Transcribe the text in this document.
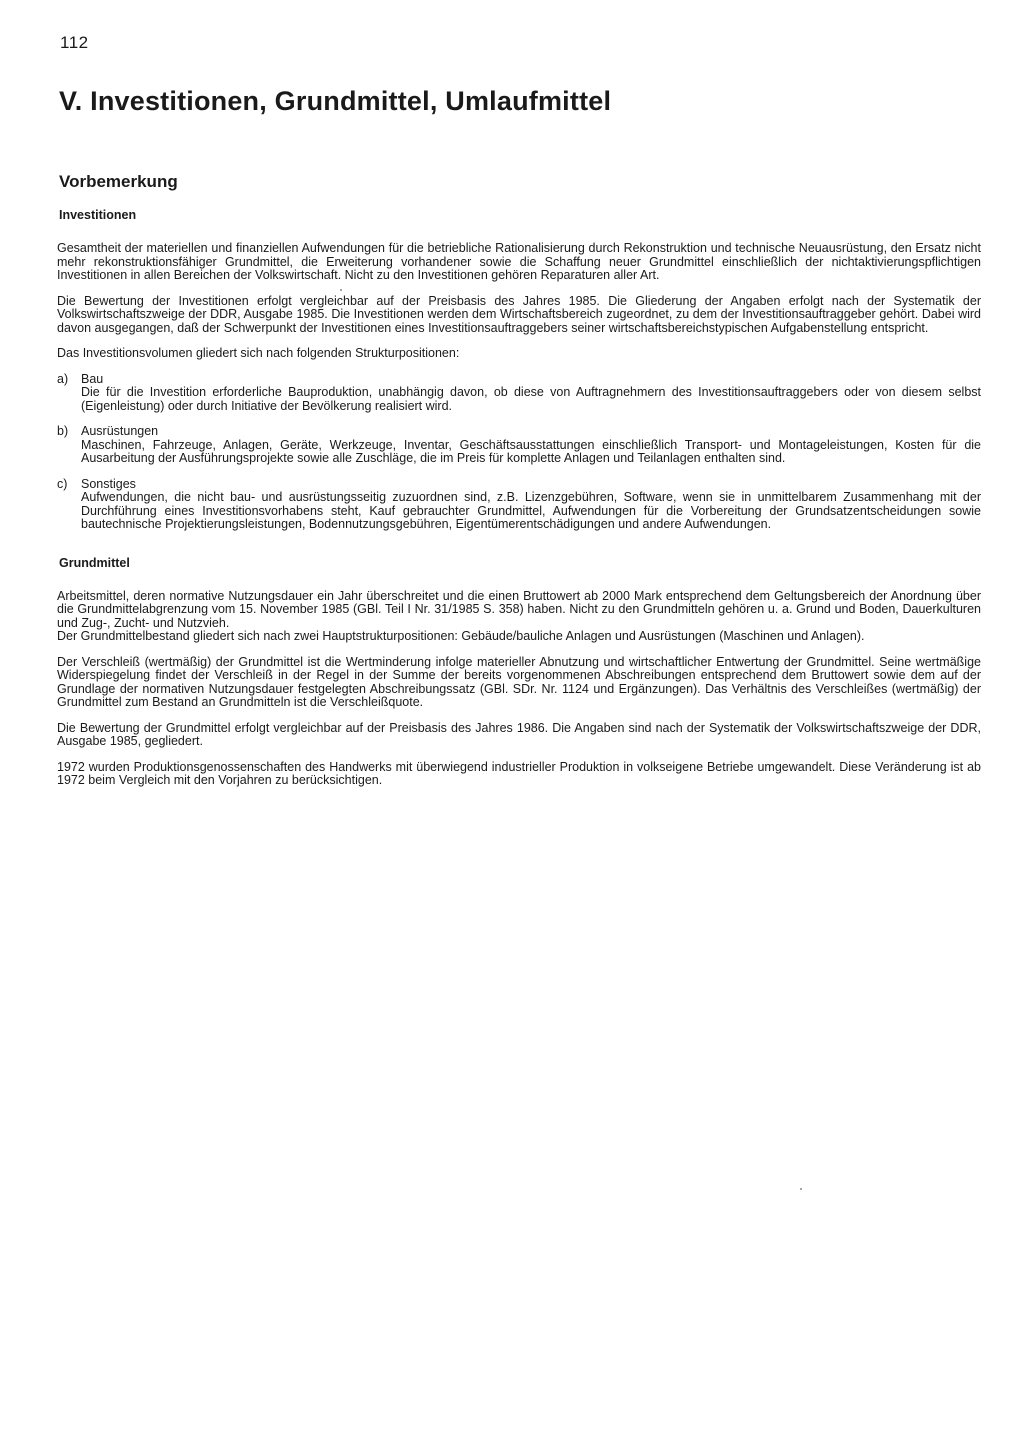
112
V. Investitionen, Grundmittel, Umlaufmittel
Vorbemerkung
Investitionen

Gesamtheit der materiellen und finanziellen Aufwendungen für die betriebliche Rationalisierung durch Rekonstruktion und technische Neuausrüstung, den Ersatz nicht mehr rekonstruktionsfähiger Grundmittel, die Erweiterung vorhandener sowie die Schaffung neuer Grundmittel einschließlich der nichtaktivierungspflichtigen Investitionen in allen Bereichen der Volkswirtschaft. Nicht zu den Investitionen gehören Reparaturen aller Art.

Die Bewertung der Investitionen erfolgt vergleichbar auf der Preisbasis des Jahres 1985. Die Gliederung der Angaben erfolgt nach der Systematik der Volkswirtschaftszweige der DDR, Ausgabe 1985. Die Investitionen werden dem Wirtschaftsbereich zugeordnet, zu dem der Investitionsauftraggeber gehört. Dabei wird davon ausgegangen, daß der Schwerpunkt der Investitionen eines Investitionsauftraggebers seiner wirtschaftsbereichstypischen Aufgabenstellung entspricht.

Das Investitionsvolumen gliedert sich nach folgenden Strukturpositionen:

a)	Bau
Die für die Investition erforderliche Bauproduktion, unabhängig davon, ob diese von Auftragnehmern des Investitionsauftraggebers oder von diesem selbst (Eigenleistung) oder durch Initiative der Bevölkerung realisiert wird.
b)	Ausrüstungen
Maschinen, Fahrzeuge, Anlagen, Geräte, Werkzeuge, Inventar, Geschäftsausstattungen einschließlich Transport- und Montageleistungen, Kosten für die Ausarbeitung der Ausführungsprojekte sowie alle Zuschläge, die im Preis für komplette Anlagen und Teilanlagen enthalten sind.
c)	Sonstiges
Aufwendungen, die nicht bau- und ausrüstungsseitig zuzuordnen sind, z.B. Lizenzgebühren, Software, wenn sie in unmittelbarem Zusammenhang mit der Durchführung eines Investitionsvorhabens steht, Kauf gebrauchter Grundmittel, Aufwendungen für die Vorbereitung der Grundsatzentscheidungen sowie bautechnische Projektierungsleistungen, Bodennutzungsgebühren, Eigentümerentschädigungen und andere Aufwendungen.
Grundmittel

Arbeitsmittel, deren normative Nutzungsdauer ein Jahr überschreitet und die einen Bruttowert ab 2000 Mark entsprechend dem Geltungsbereich der Anordnung über die Grundmittelabgrenzung vom 15. November 1985 (GBl. Teil I Nr. 31/1985 S. 358) haben. Nicht zu den Grundmitteln gehören u. a. Grund und Boden, Dauerkulturen und Zug-, Zucht- und Nutzvieh.

Der Grundmittelbestand gliedert sich nach zwei Hauptstrukturpositionen: Gebäude/bauliche Anlagen und Ausrüstungen (Maschinen und Anlagen).

Der Verschleiß (wertmäßig) der Grundmittel ist die Wertminderung infolge materieller Abnutzung und wirtschaftlicher Entwertung der Grundmittel. Seine wertmäßige Widerspiegelung findet der Verschleiß in der Regel in der Summe der bereits vorgenommenen Abschreibungen entsprechend dem Bruttowert sowie dem auf der Grundlage der normativen Nutzungsdauer festgelegten Abschreibungssatz (GBl. SDr. Nr. 1124 und Ergänzungen). Das Verhältnis des Verschleißes (wertmäßig) der Grundmittel zum Bestand an Grundmitteln ist die Verschleißquote.

Die Bewertung der Grundmittel erfolgt vergleichbar auf der Preisbasis des Jahres 1986. Die Angaben sind nach der Systematik der Volkswirtschaftszweige der DDR, Ausgabe 1985, gegliedert.

1972 wurden Produktionsgenossenschaften des Handwerks mit überwiegend industrieller Produktion in volkseigene Betriebe umgewandelt. Diese Veränderung ist ab 1972 beim Vergleich mit den Vorjahren zu berücksichtigen.
